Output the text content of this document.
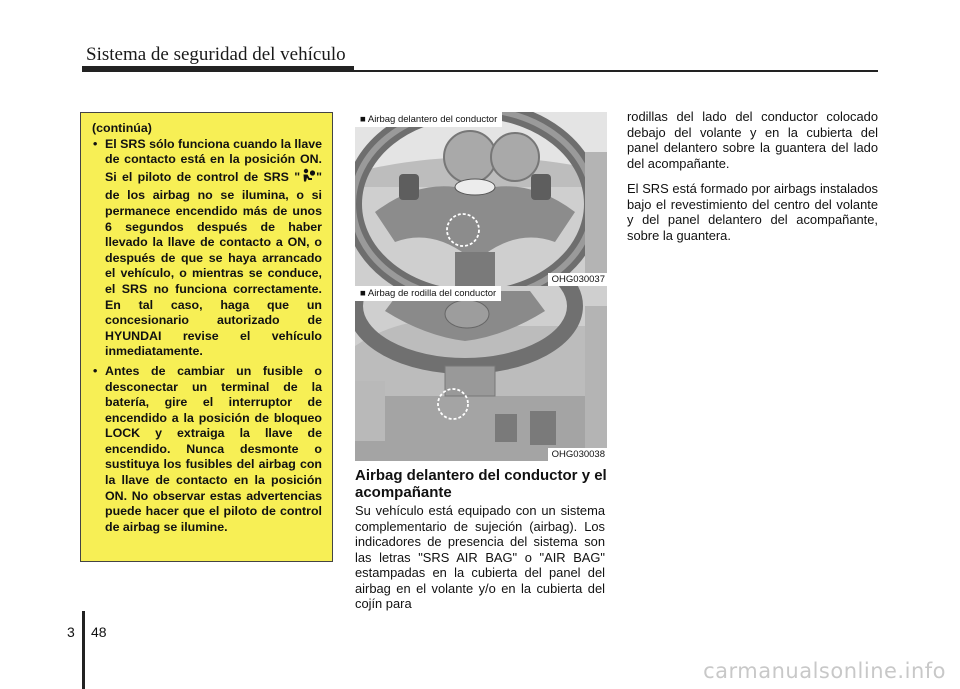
Sistema de seguridad del vehículo
(continúa)
• El SRS sólo funciona cuando la llave de contacto está en la posición ON. Si el piloto de control de SRS " " de los airbag no se ilumina, o si permanece encendido más de unos 6 segundos después de haber llevado la llave de contacto a ON, o después de que se haya arrancado el vehículo, o mientras se conduce, el SRS no funciona correctamente. En tal caso, haga que un concesionario autorizado de HYUNDAI revise el vehículo inmediatamente.
• Antes de cambiar un fusible o desconectar un terminal de la batería, gire el interruptor de encendido a la posición de bloqueo LOCK y extraiga la llave de encendido. Nunca desmonte o sustituya los fusibles del airbag con la llave de contacto en la posición ON. No observar estas advertencias puede hacer que el piloto de control de airbag se ilumine.
■ Airbag delantero del conductor
OHG030037
■ Airbag de rodilla del conductor
OHG030038
Airbag delantero del conductor y el acompañante
Su vehículo está equipado con un sistema complementario de sujeción (airbag). Los indicadores de presencia del sistema son las letras "SRS AIR BAG" o "AIR BAG" estampadas en la cubierta del panel del airbag en el volante y/o en la cubierta del cojín para

rodillas del lado del conductor colocado debajo del volante y en la cubierta del panel delantero sobre la guantera del lado del acompañante.

El SRS está formado por airbags instalados bajo el revestimiento del centro del volante y del panel delantero del acompañante, sobre la guantera.

3 48
carmanualsonline.info
